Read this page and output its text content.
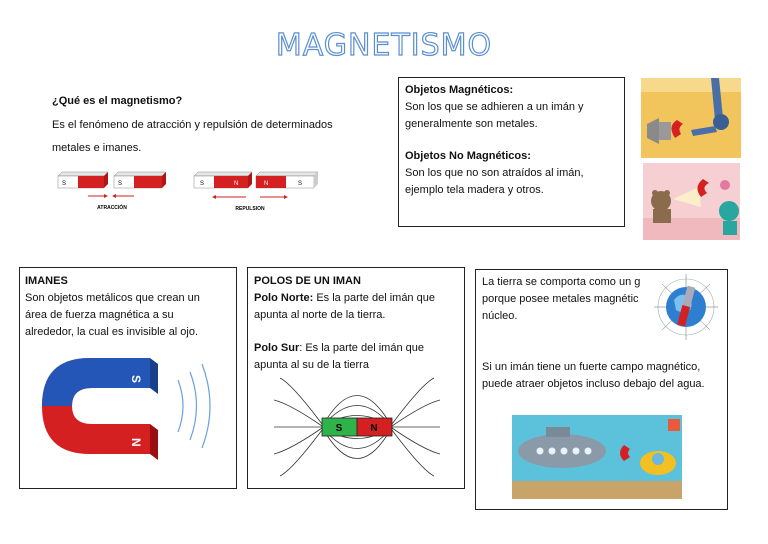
MAGNETISMO
¿Qué es el magnetismo?
Es el fenómeno de atracción y repulsión de determinados
metales e imanes.
S	S
ATRACCIÓN
S	N	N	S
REPULSION
Objetos Magnéticos:
Son los que se adhieren a un imán y
generalmente son metales.
Objetos No Magnéticos:
Son los que no son atraídos al imán,
ejemplo tela madera y otros.
IMANES
Son objetos metálicos que crean un
área de fuerza magnética a su
alrededor, la cual es invisible al ojo.
S
N
POLOS DE UN IMAN
Polo Norte: Es la parte del imán que
apunta al norte de la tierra.
Polo Sur: Es la parte del imán que
apunta al su de la tierra
S	N
La tierra se comporta como un g
porque posee metales magnétic
núcleo.
Si un imán tiene un fuerte campo magnético,
puede atraer objetos incluso debajo del agua.
